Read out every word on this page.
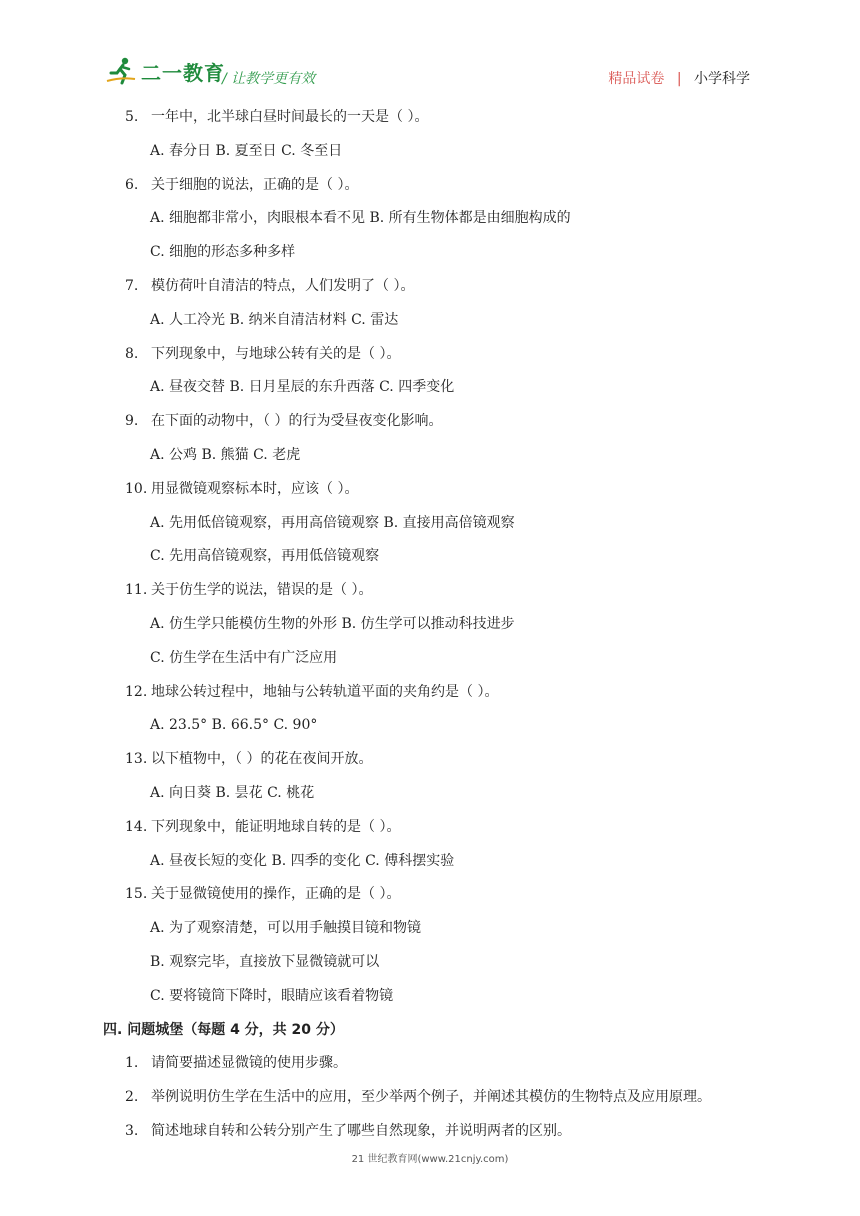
二一教育
/ 让教学更有效	精品试卷 | 小学科学
5. 一年中，北半球白昼时间最长的一天是（ ）。
A. 春分日 B. 夏至日 C. 冬至日
6. 关于细胞的说法，正确的是（ ）。
A. 细胞都非常小，肉眼根本看不见 B. 所有生物体都是由细胞构成的
C. 细胞的形态多种多样
7. 模仿荷叶自清洁的特点，人们发明了（ ）。
A. 人工冷光 B. 纳米自清洁材料 C. 雷达
8. 下列现象中，与地球公转有关的是（ ）。
A. 昼夜交替 B. 日月星辰的东升西落 C. 四季变化
9. 在下面的动物中，（ ）的行为受昼夜变化影响。
A. 公鸡 B. 熊猫 C. 老虎
10. 用显微镜观察标本时，应该（ ）。
A. 先用低倍镜观察，再用高倍镜观察 B. 直接用高倍镜观察
C. 先用高倍镜观察，再用低倍镜观察
11. 关于仿生学的说法，错误的是（ ）。
A. 仿生学只能模仿生物的外形 B. 仿生学可以推动科技进步
C. 仿生学在生活中有广泛应用
12. 地球公转过程中，地轴与公转轨道平面的夹角约是（ ）。
A. 23.5° B. 66.5° C. 90°
13. 以下植物中，（ ）的花在夜间开放。
A. 向日葵 B. 昙花 C. 桃花
14. 下列现象中，能证明地球自转的是（ ）。
A. 昼夜长短的变化 B. 四季的变化 C. 傅科摆实验
15. 关于显微镜使用的操作，正确的是（ ）。
A. 为了观察清楚，可以用手触摸目镜和物镜
B. 观察完毕，直接放下显微镜就可以
C. 要将镜筒下降时，眼睛应该看着物镜
四. 问题城堡（每题 4 分，共 20 分）
1. 请简要描述显微镜的使用步骤。
2. 举例说明仿生学在生活中的应用，至少举两个例子，并阐述其模仿的生物特点及应用原理。
3. 简述地球自转和公转分别产生了哪些自然现象，并说明两者的区别。
21 世纪教育网(www.21cnjy.com)
